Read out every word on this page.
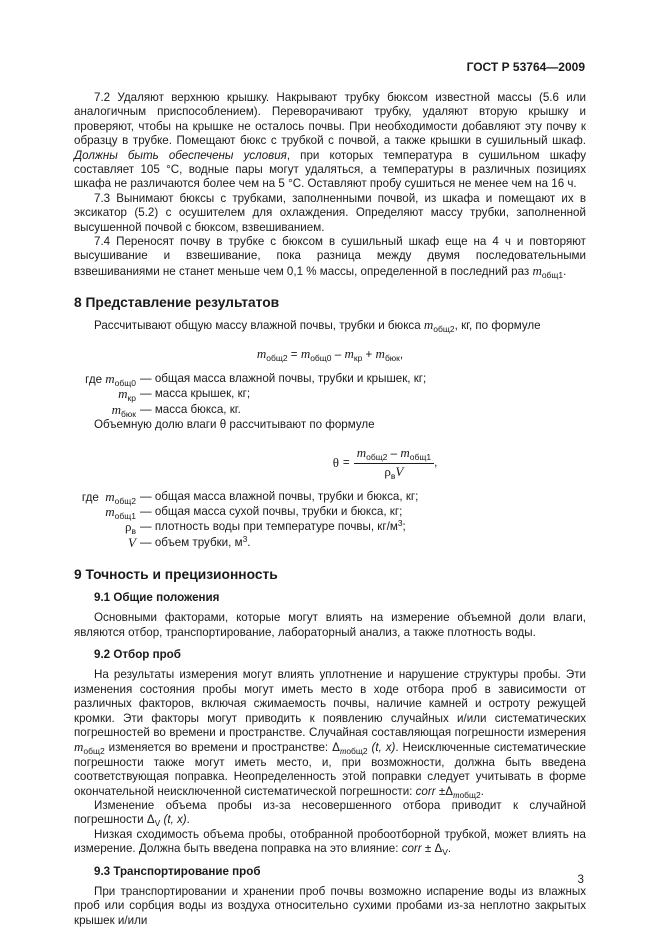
ГОСТ Р 53764—2009

7.2 Удаляют верхнюю крышку. Накрывают трубку бюксом известной массы (5.6 или аналогичным приспособлением). Переворачивают трубку, удаляют вторую крышку и проверяют, чтобы на крышке не осталось почвы. При необходимости добавляют эту почву к образцу в трубке. Помещают бюкс с трубкой с почвой, а также крышки в сушильный шкаф. Должны быть обеспечены условия, при которых температура в сушильном шкафу составляет 105 °С, водные пары могут удаляться, а температуры в различных позициях шкафа не различаются более чем на 5 °С. Оставляют пробу сушиться не менее чем на 16 ч.

7.3 Вынимают бюксы с трубками, заполненными почвой, из шкафа и помещают их в эксикатор (5.2) с осушителем для охлаждения. Определяют массу трубки, заполненной высушенной почвой с бюксом, взвешиванием.

7.4 Переносят почву в трубке с бюксом в сушильный шкаф еще на 4 ч и повторяют высушивание и взвешивание, пока разница между двумя последовательными взвешиваниями не станет меньше чем 0,1 % массы, определенной в последний раз $m_{общ1}$.

8 Представление результатов

Рассчитывают общую массу влажной почвы, трубки и бюкса $m_{общ2}$, кг, по формуле

$m_{общ2} = m_{общ0} - m_{кр} + m_{бюк}$,
где $m_{общ0}$ — общая масса влажной почвы, трубки и крышек, кг;
$m_{кр}$ — масса крышек, кг;
$m_{бюк}$ — масса бюкса, кг.

Объемную долю влаги θ рассчитывают по формуле

$\theta = \frac{m_{общ2} - m_{общ1}}{\rho_вV}$ ,
где $m_{общ2}$ — общая масса влажной почвы, трубки и бюкса, кг;
$m_{общ1}$ — общая масса сухой почвы, трубки и бюкса, кг;
$\rho_в$ — плотность воды при температуре почвы, $кг/м^3$;
V — объем трубки, $м^3$.
9 Точность и прецизионность
9.1 Общие положения

Основными факторами, которые могут влиять на измерение объемной доли влаги, являются отбор, транспортирование, лабораторный анализ, а также плотность воды.

9.2 Отбор проб

На результаты измерения могут влиять уплотнение и нарушение структуры пробы. Эти изменения состояния пробы могут иметь место в ходе отбора проб в зависимости от различных факторов, включая сжимаемость почвы, наличие камней и остроту режущей кромки. Эти факторы могут приводить к появлению случайных и/или систематических погрешностей во времени и пространстве. Случайная составляющая погрешности измерения $m_{общ2}$ изменяется во времени и пространстве: $\Delta_{mобщ2}$ (t, x). Неисключенные систематические погрешности также могут иметь место, и, при возможности, должна быть введена соответствующая поправка. Неопределенность этой поправки следует учитывать в форме окончательной неисключенной систематической погрешности: corr $\pm\Delta_{mобщ2}$.

Изменение объема пробы из-за несовершенного отбора приводит к случайной погрешности $\Delta_V$ (t, x).

Низкая сходимость объема пробы, отобранной пробоотборной трубкой, может влиять на измерение. Должна быть введена поправка на это влияние: corr ± $\Delta_V$.

9.3 Транспортирование проб

При транспортировании и хранении проб почвы возможно испарение воды из влажных проб или сорбция воды из воздуха относительно сухими пробами из-за неплотно закрытых крышек и/или

3
